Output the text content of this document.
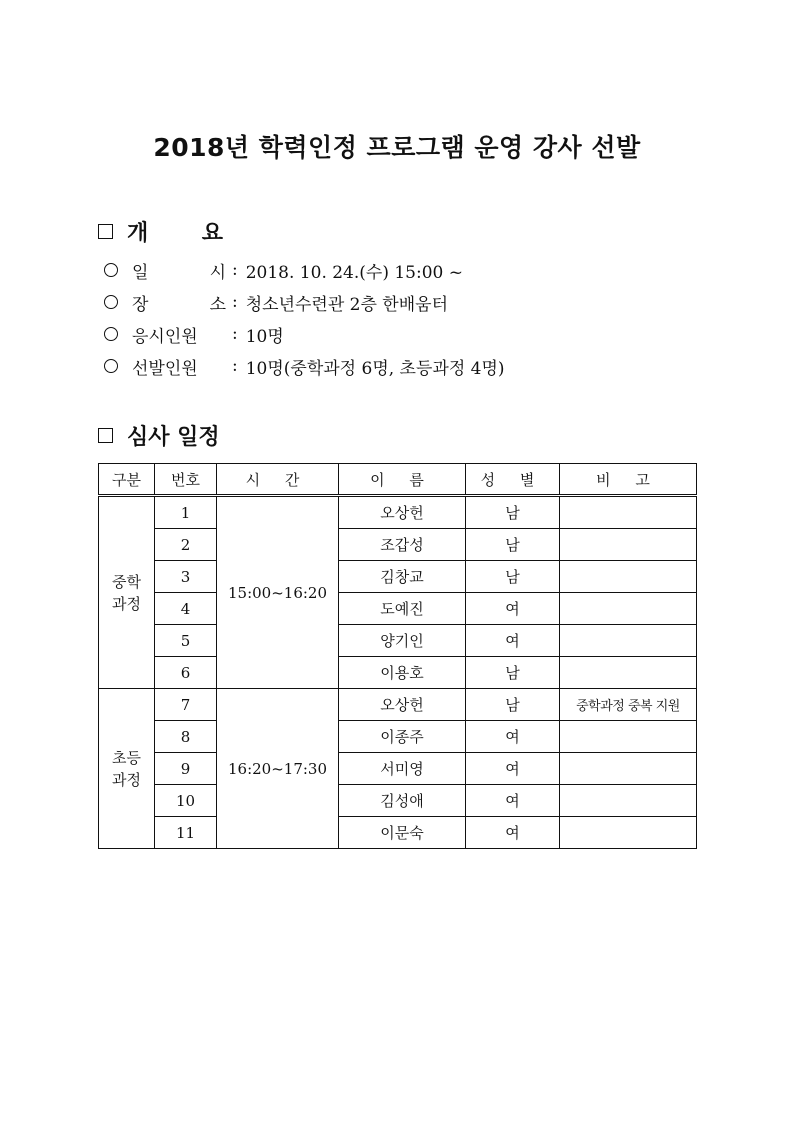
2018년 학력인정 프로그램 운영 강사 선발
개 요
일	시 : 2018. 10. 24.(수) 15:00 ~
장	소 : 청소년수련관 2층 한배움터
응시인원 : 10명
선발인원 : 10명(중학과정 6명, 초등과정 4명)
심사 일정
구분	번호	시 간	이 름	성 별	비 고

중학
과정	1	15:00~16:20	오상헌	남	
	2		조갑성	남	
	3		김창교	남	
	4		도예진	여	
	5		양기인	여	
	6		이용호	남	

초등
과정	7	16:20~17:30	오상헌	남	중학과정 중복 지원
	8		이종주	여	
	9		서미영	여	
	10		김성애	여	
	11		이문숙	여	
